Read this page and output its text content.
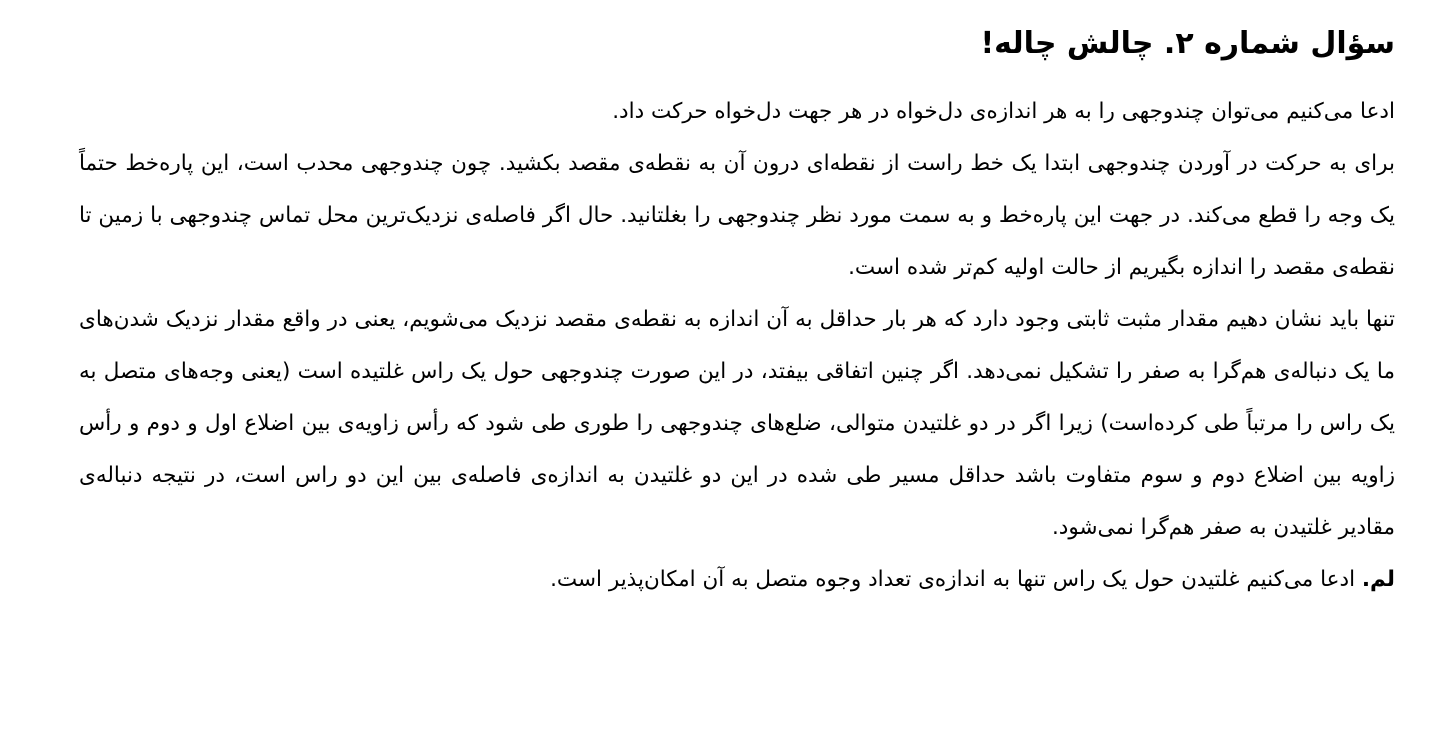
سؤال شماره ۲. چالش چاله!

ادعا می‌کنیم می‌توان چندوجهی را به هر اندازه‌ی دل‌خواه در هر جهت دل‌خواه حرکت داد.

برای به حرکت در آوردن چندوجهی ابتدا یک خط راست از نقطه‌ای درون آن به نقطه‌ی مقصد بکشید. چون چندوجهی محدب است، این پاره‌خط حتماً یک وجه را قطع می‌کند. در جهت این پاره‌خط و به سمت مورد نظر چندوجهی را بغلتانید. حال اگر فاصله‌ی نزدیک‌ترین محل تماس چندوجهی با زمین تا نقطه‌ی مقصد را اندازه بگیریم از حالت اولیه کم‌تر شده است.

تنها باید نشان دهیم مقدار مثبت ثابتی وجود دارد که هر بار حداقل به آن اندازه به نقطه‌ی مقصد نزدیک می‌شویم، یعنی در واقع مقدار نزدیک شدن‌های ما یک دنباله‌ی هم‌گرا به صفر را تشکیل نمی‌دهد. اگر چنین اتفاقی بیفتد، در این صورت چندوجهی حول یک راس غلتیده است (یعنی وجه‌های متصل به یک راس را مرتباً طی کرده‌است) زیرا اگر در دو غلتیدن متوالی، ضلع‌های چندوجهی را طوری طی شود که رأس زاویه‌ی بین اضلاع اول و دوم و رأس زاویه بین اضلاع دوم و سوم متفاوت باشد حداقل مسیر طی شده در این دو غلتیدن به اندازه‌ی فاصله‌ی بین این دو راس است، در نتیجه دنباله‌ی مقادیر غلتیدن به صفر هم‌گرا نمی‌شود.

لم. ادعا می‌کنیم غلتیدن حول یک راس تنها به اندازه‌ی تعداد وجوه متصل به آن امکان‌پذیر است.
